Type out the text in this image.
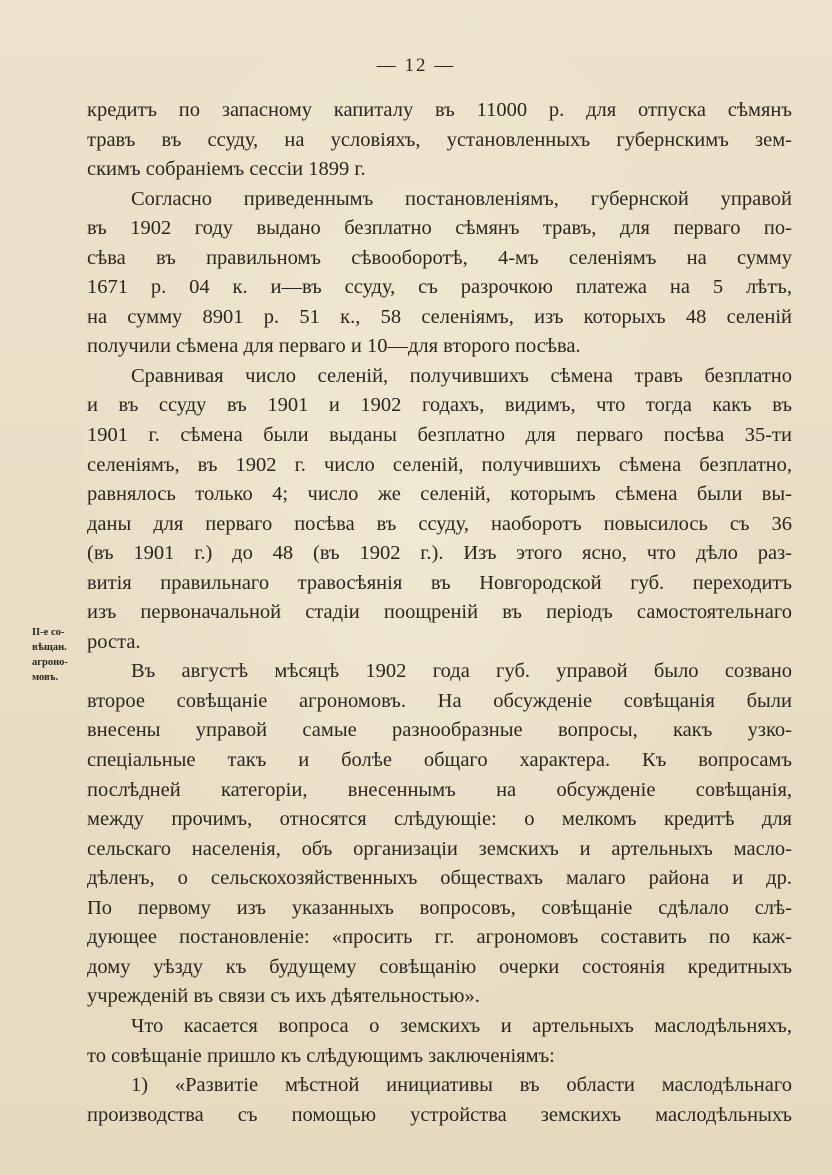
— 12 —
II-е со-
вѣщан.
агроно-
мовъ.

кредитъ по запасному капиталу въ 11000 р. для отпуска сѣмянъ
травъ въ ссуду, на условіяхъ, установленныхъ губернскимъ зем-
скимъ собраніемъ сессіи 1899 г.

Согласно приведеннымъ постановленіямъ, губернской управой
въ 1902 году выдано безплатно сѣмянъ травъ, для перваго по-
сѣва въ правильномъ сѣвооборотѣ, 4-мъ селеніямъ на сумму
1671 р. 04 к. и—въ ссуду, съ разрочкою платежа на 5 лѣтъ,
на сумму 8901 р. 51 к., 58 селеніямъ, изъ которыхъ 48 селеній
получили сѣмена для перваго и 10—для второго посѣва.

Сравнивая число селеній, получившихъ сѣмена травъ безплатно
и въ ссуду въ 1901 и 1902 годахъ, видимъ, что тогда какъ въ
1901 г. сѣмена были выданы безплатно для перваго посѣва 35-ти
селеніямъ, въ 1902 г. число селеній, получившихъ сѣмена безплатно,
равнялось только 4; число же селеній, которымъ сѣмена были вы-
даны для перваго посѣва въ ссуду, наоборотъ повысилось съ 36
(въ 1901 г.) до 48 (въ 1902 г.). Изъ этого ясно, что дѣло раз-
витія правильнаго травосѣянія въ Новгородской губ. переходитъ
изъ первоначальной стадіи поощреній въ періодъ самостоятельнаго
роста.

Въ августѣ мѣсяцѣ 1902 года губ. управой было созвано
второе совѣщаніе агрономовъ. На обсужденіе совѣщанія были
внесены управой самые разнообразные вопросы, какъ узко-
спеціальные такъ и болѣе общаго характера. Къ вопросамъ
послѣдней категоріи, внесеннымъ на обсужденіе совѣщанія,
между прочимъ, относятся слѣдующіе: о мелкомъ кредитѣ для
сельскаго населенія, объ организаціи земскихъ и артельныхъ масло-
дѣленъ, о сельскохозяйственныхъ обществахъ малаго района и др.
По первому изъ указанныхъ вопросовъ, совѣщаніе сдѣлало слѣ-
дующее постановленіе: «просить гг. агрономовъ составить по каж-
дому уѣзду къ будущему совѣщанію очерки состоянія кредитныхъ
учрежденій въ связи съ ихъ дѣятельностью».

Что касается вопроса о земскихъ и артельныхъ маслодѣльняхъ,
то совѣщаніе пришло къ слѣдующимъ заключеніямъ:

1) «Развитіе мѣстной инициативы въ области маслодѣльнаго
производства съ помощью устройства земскихъ маслодѣльныхъ
